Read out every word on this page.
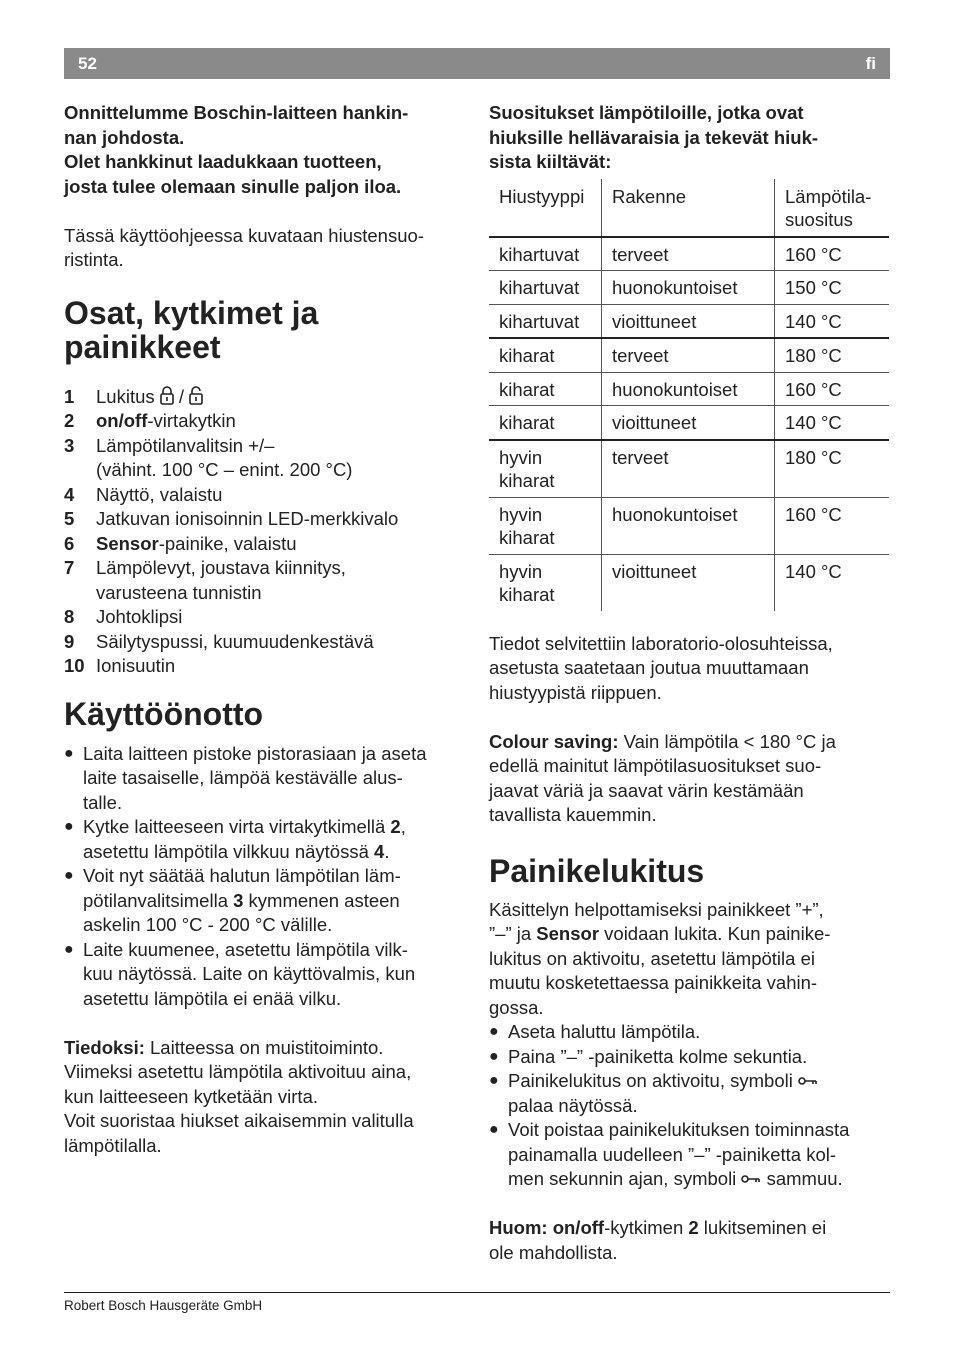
52	fi

Onnittelumme Boschin-laitteen hankin-

nan johdosta.

Olet hankkinut laadukkaan tuotteen,

josta tulee olemaan sinulle paljon iloa.

Tässä käyttöohjeessa kuvataan hiustensuo-

ristinta.

Osat, kytkimet ja
painikkeet
1	Lukitus  /
2	on/off-virtakytkin
3	Lämpötilanvalitsin +/–
(vähint. 100 °C – enint. 200 °C)
4	Näyttö, valaistu
5	Jatkuvan ionisoinnin LED-merkkivalo
6	Sensor-painike, valaistu
7	Lämpölevyt, joustava kiinnitys,
varusteena tunnistin
8	Johtoklipsi
9	Säilytyspussi, kuumuudenkestävä
10 Ionisuutin
Käyttöönotto
● Laita laitteen pistoke pistorasiaan ja aseta
laite tasaiselle, lämpöä kestävälle alus-
talle.
● Kytke laitteeseen virta virtakytkimellä 2,
asetettu lämpötila vilkkuu näytössä 4.
● Voit nyt säätää halutun lämpötilan läm-
pötilanvalitsimella 3 kymmenen asteen
askelin 100 °C - 200 °C välille.
● Laite kuumenee, asetettu lämpötila vilk-
kuu näytössä. Laite on käyttövalmis, kun
asetettu lämpötila ei enää vilku.

Tiedoksi: Laitteessa on muistitoiminto.

Viimeksi asetettu lämpötila aktivoituu aina,

kun laitteeseen kytketään virta.

Voit suoristaa hiukset aikaisemmin valitulla

lämpötilalla.

Suositukset lämpötiloille, jotka ovat

hiuksille hellävaraisia ja tekevät hiuk-

sista kiiltävät:

Hiustyyppi	Rakenne	Lämpötila-
suositus
kihartuvat	terveet	160 °C
kihartuvat	huonokuntoiset	150 °C
kihartuvat	vioittuneet	140 °C
kiharat	terveet	180 °C
kiharat	huonokuntoiset	160 °C
kiharat	vioittuneet	140 °C
hyvin
kiharat	terveet	180 °C
hyvin
kiharat	huonokuntoiset	160 °C
hyvin
kiharat	vioittuneet	140 °C

Tiedot selvitettiin laboratorio-olosuhteissa,

asetusta saatetaan joutua muuttamaan

hiustyypistä riippuen.

Colour saving: Vain lämpötila < 180 °C ja

edellä mainitut lämpötilasuositukset suo-

jaavat väriä ja saavat värin kestämään

tavallista kauemmin.

Painikelukitus

Käsittelyn helpottamiseksi painikkeet ”+”,

”–” ja Sensor voidaan lukita. Kun painike-

lukitus on aktivoitu, asetettu lämpötila ei

muutu kosketettaessa painikkeita vahin-

gossa.

● Aseta haluttu lämpötila.
● Paina ”–” -painiketta kolme sekuntia.
● Painikelukitus on aktivoitu, symboli
palaa näytössä.
● Voit poistaa painikelukituksen toiminnasta
painamalla uudelleen ”–” -painiketta kol-
men sekunnin ajan, symboli  sammuu.

Huom: on/off-kytkimen 2 lukitseminen ei

ole mahdollista.

Robert Bosch Hausgeräte GmbH
